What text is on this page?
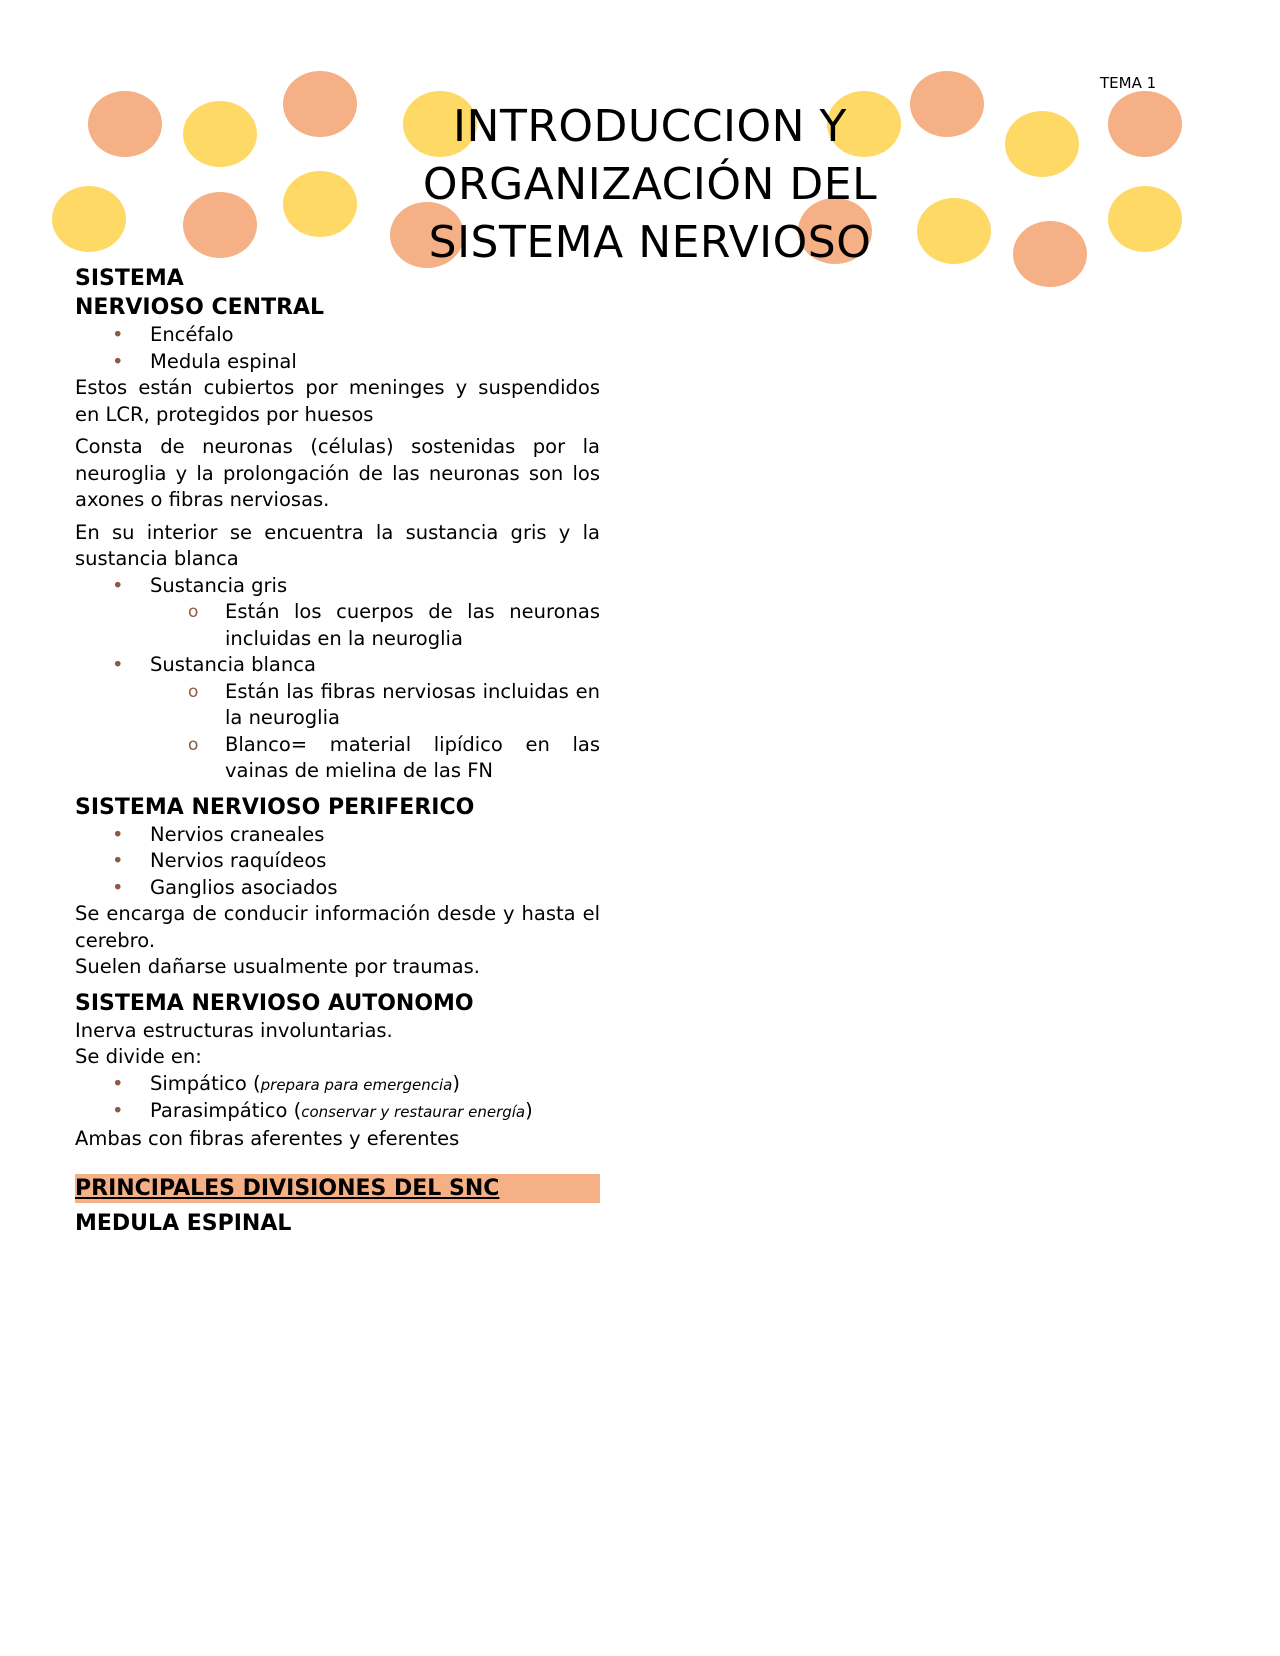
TEMA 1
INTRODUCCION Y
ORGANIZACIÓN DEL
SISTEMA NERVIOSO
SISTEMA
NERVIOSO CENTRAL
• Encéfalo
• Medula espinal

Estos están cubiertos por meninges y suspendidos en LCR, protegidos por huesos

Consta de neuronas (células) sostenidas por la neuroglia y la prolongación de las neuronas son los axones o fibras nerviosas.

En su interior se encuentra la sustancia gris y la sustancia blanca

• Sustancia gris
o Están los cuerpos de las neuronas incluidas en la neuroglia
• Sustancia blanca
o Están las fibras nerviosas incluidas en la neuroglia
o Blanco= material lipídico en las vainas de mielina de las FN
SISTEMA NERVIOSO PERIFERICO
• Nervios craneales
• Nervios raquídeos
• Ganglios asociados

Se encarga de conducir información desde y hasta el cerebro.

Suelen dañarse usualmente por traumas.

SISTEMA NERVIOSO AUTONOMO

Inerva estructuras involuntarias.

Se divide en:

• Simpático (prepara para emergencia)
• Parasimpático (conservar y restaurar energía)

Ambas con fibras aferentes y eferentes

PRINCIPALES DIVISIONES DEL SNC
MEDULA ESPINAL
